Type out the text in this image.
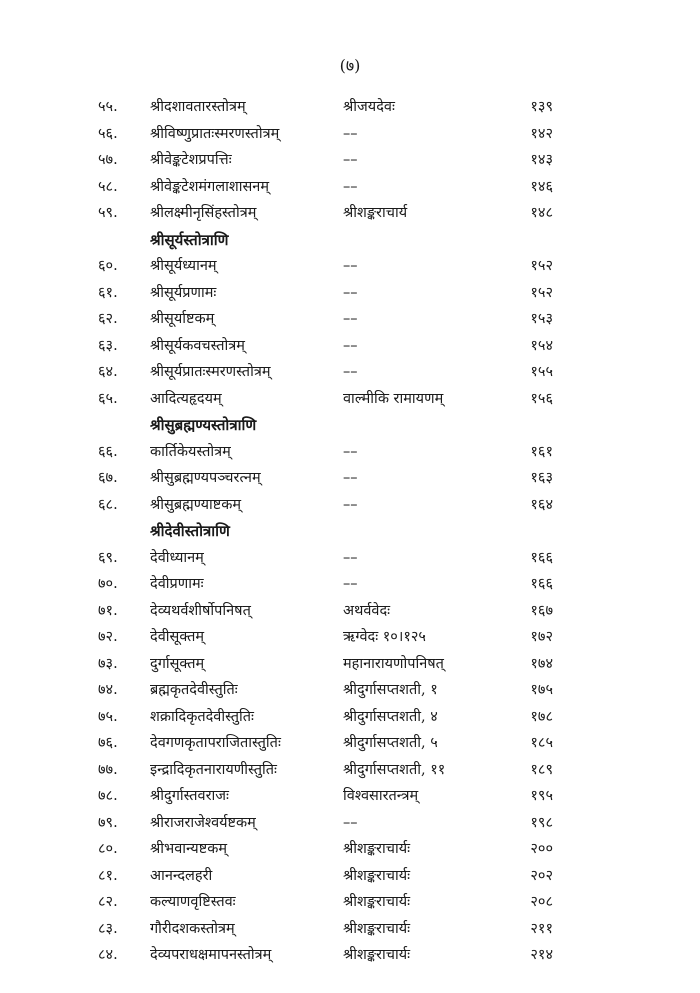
(७)
५५. श्रीदशावतारस्तोत्रम्	श्रीजयदेवः	१३९
५६. श्रीविष्णुप्रातःस्मरणस्तोत्रम्	––	१४२
५७. श्रीवेङ्कटेशप्रपत्तिः	––	१४३
५८. श्रीवेङ्कटेशमंगलाशासनम्	––	१४६
५९. श्रीलक्ष्मीनृसिंहस्तोत्रम्	श्रीशङ्कराचार्य	१४८
श्रीसूर्यस्तोत्राणि
६०. श्रीसूर्यध्यानम्	––	१५२
६१. श्रीसूर्यप्रणामः	––	१५२
६२. श्रीसूर्याष्टकम्	––	१५३
६३. श्रीसूर्यकवचस्तोत्रम्	––	१५४
६४. श्रीसूर्यप्रातःस्मरणस्तोत्रम्	––	१५५
६५. आदित्यहृदयम्	वाल्मीकि रामायणम्	१५६
श्रीसुब्रह्मण्यस्तोत्राणि
६६. कार्तिकेयस्तोत्रम्	––	१६१
६७. श्रीसुब्रह्मण्यपञ्चरत्नम्	––	१६३
६८. श्रीसुब्रह्मण्याष्टकम्	––	१६४
श्रीदेवीस्तोत्राणि
६९. देवीध्यानम्	––	१६६
७०. देवीप्रणामः	––	१६६
७१. देव्यथर्वशीर्षोपनिषत्	अथर्ववेदः	१६७
७२. देवीसूक्तम्	ऋग्वेदः १०।१२५	१७२
७३. दुर्गासूक्तम्	महानारायणोपनिषत्	१७४
७४. ब्रह्मकृतदेवीस्तुतिः	श्रीदुर्गासप्तशती, १	१७५
७५. शक्रादिकृतदेवीस्तुतिः	श्रीदुर्गासप्तशती, ४	१७८
७६. देवगणकृतापराजितास्तुतिः	श्रीदुर्गासप्तशती, ५	१८५
७७. इन्द्रादिकृतनारायणीस्तुतिः	श्रीदुर्गासप्तशती, ११	१८९
७८. श्रीदुर्गास्तवराजः	विश्वसारतन्त्रम्	१९५
७९. श्रीराजराजेश्वर्यष्टकम्	––	१९८
८०. श्रीभवान्यष्टकम्	श्रीशङ्कराचार्यः	२००
८१. आनन्दलहरी	श्रीशङ्कराचार्यः	२०२
८२. कल्याणवृष्टिस्तवः	श्रीशङ्कराचार्यः	२०८
८३. गौरीदशकस्तोत्रम्	श्रीशङ्कराचार्यः	२११
८४. देव्यपराधक्षमापनस्तोत्रम्	श्रीशङ्कराचार्यः	२१४
